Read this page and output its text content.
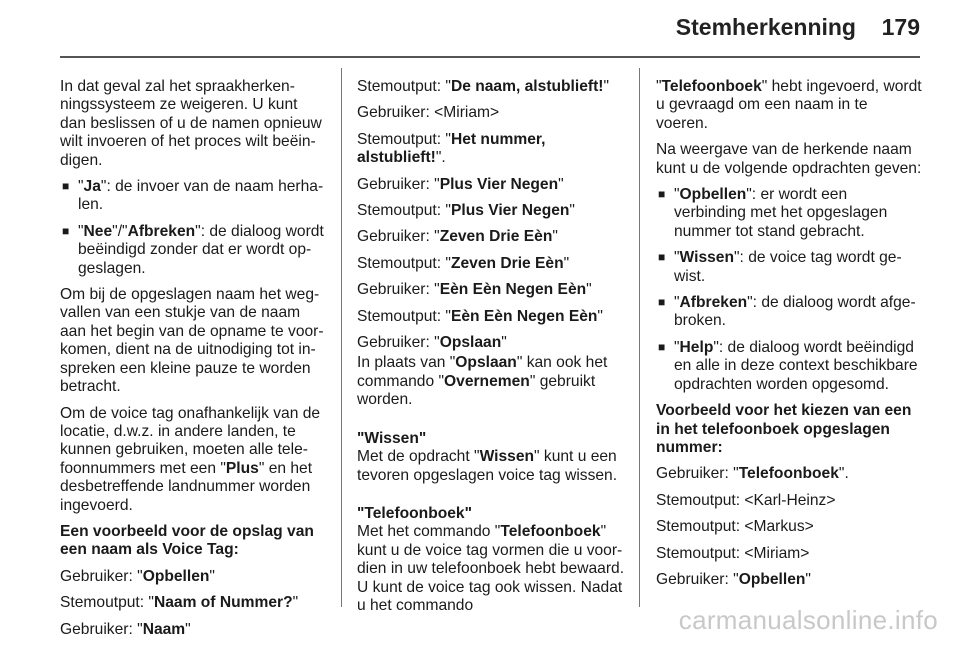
Stemherkenning 179

In dat geval zal het spraakherkenningssysteem ze weigeren. U kunt dan beslissen of u de namen opnieuw wilt invoeren of het proces wilt beëindigen.

■ "Ja": de invoer van de naam herhalen.
■ "Nee"/"Afbreken": de dialoog wordt beëindigd zonder dat er wordt opgeslagen.

Om bij de opgeslagen naam het wegvallen van een stukje van de naam aan het begin van de opname te voorkomen, dient na de uitnodiging tot inspreken een kleine pauze te worden betracht.

Om de voice tag onafhankelijk van de locatie, d.w.z. in andere landen, te kunnen gebruiken, moeten alle telefoonnummers met een "Plus" en het desbetreffende landnummer worden ingevoerd.

Een voorbeeld voor de opslag van een naam als Voice Tag:

Gebruiker: "Opbellen"

Stemoutput: "Naam of Nummer?"

Gebruiker: "Naam"

Stemoutput: "De naam, alstublieft!"

Gebruiker: <Miriam>

Stemoutput: "Het nummer, alstublieft!".

Gebruiker: "Plus Vier Negen"

Stemoutput: "Plus Vier Negen"

Gebruiker: "Zeven Drie Eèn"

Stemoutput: "Zeven Drie Eèn"

Gebruiker: "Eèn Eèn Negen Eèn"

Stemoutput: "Eèn Eèn Negen Eèn"

Gebruiker: "Opslaan"

In plaats van "Opslaan" kan ook het commando "Overnemen" gebruikt worden.

"Wissen"

Met de opdracht "Wissen" kunt u een tevoren opgeslagen voice tag wissen.

"Telefoonboek"

Met het commando "Telefoonboek" kunt u de voice tag vormen die u voordien in uw telefoonboek hebt bewaard. U kunt de voice tag ook wissen. Nadat u het commando

"Telefoonboek" hebt ingevoerd, wordt u gevraagd om een naam in te voeren.

Na weergave van de herkende naam kunt u de volgende opdrachten geven:

■ "Opbellen": er wordt een verbinding met het opgeslagen nummer tot stand gebracht.
■ "Wissen": de voice tag wordt gewist.
■ "Afbreken": de dialoog wordt afgebroken.
■ "Help": de dialoog wordt beëindigd en alle in deze context beschikbare opdrachten worden opgesomd.

Voorbeeld voor het kiezen van een in het telefoonboek opgeslagen nummer:

Gebruiker: "Telefoonboek".

Stemoutput: <Karl-Heinz>

Stemoutput: <Markus>

Stemoutput: <Miriam>

Gebruiker: "Opbellen"

carmanualsonline.info
